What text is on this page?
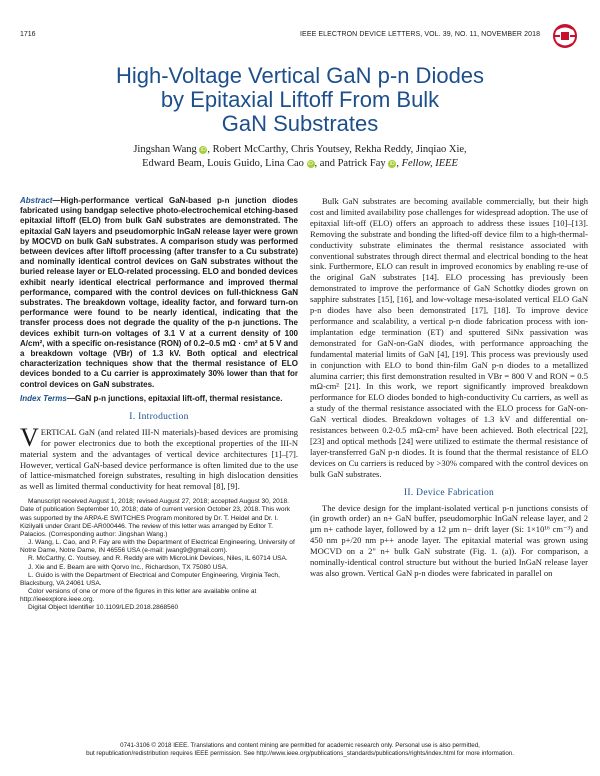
1716	IEEE ELECTRON DEVICE LETTERS, VOL. 39, NO. 11, NOVEMBER 2018
High-Voltage Vertical GaN p-n Diodes
by Epitaxial Liftoff From Bulk
GaN Substrates
Jingshan Wang iD , Robert McCarthy, Chris Youtsey, Rekha Reddy, Jinqiao Xie,
Edward Beam, Louis Guido, Lina Cao iD , and Patrick Fay iD , Fellow, IEEE
Abstract—High-performance vertical GaN-based p-n junction diodes fabricated using bandgap selective photo-electrochemical etching-based epitaxial liftoff (ELO) from bulk GaN substrates are demonstrated. The epitaxial GaN layers and pseudomorphic InGaN release layer were grown by MOCVD on bulk GaN substrates. A comparison study was performed between devices after liftoff processing (after transfer to a Cu substrate) and nominally identical control devices on GaN substrates without the buried release layer or ELO-related processing. ELO and bonded devices exhibit nearly identical electrical performance and improved thermal performance, compared with the control devices on full-thickness GaN substrates. The breakdown voltage, ideality factor, and forward turn-on performance were found to be nearly identical, indicating that the transfer process does not degrade the quality of the p-n junctions. The devices exhibit turn-on voltages of 3.1 V at a current density of 100 A/cm², with a specific on-resistance (RON) of 0.2–0.5 mΩ · cm² at 5 V and a breakdown voltage (VBr) of 1.3 kV. Both optical and electrical characterization techniques show that the thermal resistance of ELO devices bonded to a Cu carrier is approximately 30% lower than that for control devices on GaN substrates.
Index Terms—GaN p-n junctions, epitaxial lift-off, thermal resistance.
I. Introduction
VERTICAL GaN (and related III-N materials)-based devices are promising for power electronics due to both the exceptional properties of the III-N material system and the advantages of vertical device architectures [1]–[7]. However, vertical GaN-based device performance is often limited due to the use of lattice-mismatched foreign substrates, resulting in high dislocation densities as well as limited thermal conductivity for heat removal [8], [9].

Manuscript received August 1, 2018; revised August 27, 2018; accepted August 30, 2018. Date of publication September 10, 2018; date of current version October 23, 2018. This work was supported by the ARPA-E SWITCHES Program monitored by Dr. T. Heidel and Dr. I. Kizilyalli under Grant DE-AR000446. The review of this letter was arranged by Editor T. Palacios. (Corresponding author: Jingshan Wang.)

J. Wang, L. Cao, and P. Fay are with the Department of Electrical Engineering, University of Notre Dame, Notre Dame, IN 46556 USA (e-mail: jwang9@gmail.com).

R. McCarthy, C. Youtsey, and R. Reddy are with MicroLink Devices, Niles, IL 60714 USA.

J. Xie and E. Beam are with Qorvo Inc., Richardson, TX 75080 USA.

L. Guido is with the Department of Electrical and Computer Engineering, Virginia Tech, Blacksburg, VA 24061 USA.

Color versions of one or more of the figures in this letter are available online at http://ieeexplore.ieee.org.

Digital Object Identifier 10.1109/LED.2018.2868560

Bulk GaN substrates are becoming available commercially, but their high cost and limited availability pose challenges for widespread adoption. The use of epitaxial lift-off (ELO) offers an approach to address these issues [10]–[13]. Removing the substrate and bonding the lifted-off device film to a high-thermal-conductivity substrate eliminates the thermal resistance associated with conventional substrates through direct thermal and electrical bonding to the heat sink. Furthermore, ELO can result in improved economics by enabling re-use of the original GaN substrates [14]. ELO processing has previously been demonstrated to improve the performance of GaN Schottky diodes grown on sapphire substrates [15], [16], and low-voltage mesa-isolated vertical ELO GaN p-n diodes have also been demonstrated [17], [18]. To improve device performance and scalability, a vertical p-n diode fabrication process with ion-implantation edge termination (ET) and sputtered SiNx passivation was demonstrated for GaN-on-GaN diodes, with performance approaching the fundamental material limits of GaN [4], [19]. This process was previously used in conjunction with ELO to bond thin-film GaN p-n diodes to a metallized alumina carrier; this first demonstration resulted in VBr = 800 V and RON = 0.5 mΩ-cm² [21]. In this work, we report significantly improved breakdown performance for ELO diodes bonded to high-conductivity Cu carriers, as well as a study of the thermal resistance associated with the ELO process for GaN-on-GaN vertical diodes. Breakdown voltages of 1.3 kV and differential on-resistances between 0.2-0.5 mΩ-cm² have been achieved. Both electrical [22], [23] and optical methods [24] were utilized to estimate the thermal resistance of layer-transferred GaN p-n diodes. It is found that the thermal resistance of ELO devices on Cu carriers is reduced by >30% compared with the control devices on bulk GaN substrates.

II. Device Fabrication

The device design for the implant-isolated vertical p-n junctions consists of (in growth order) an n+ GaN buffer, pseudomorphic InGaN release layer, and 2 μm n+ cathode layer, followed by a 12 μm n− drift layer (Si: 1×10¹⁶ cm⁻³) and 450 nm p+/20 nm p++ anode layer. The epitaxial material was grown using MOCVD on a 2" n+ bulk GaN substrate (Fig. 1. (a)). For comparison, a nominally-identical control structure but without the buried InGaN release layer was also grown. Vertical GaN p-n diodes were fabricated in parallel on

0741-3106 © 2018 IEEE. Translations and content mining are permitted for academic research only. Personal use is also permitted,
but republication/redistribution requires IEEE permission. See http://www.ieee.org/publications_standards/publications/rights/index.html for more information.
